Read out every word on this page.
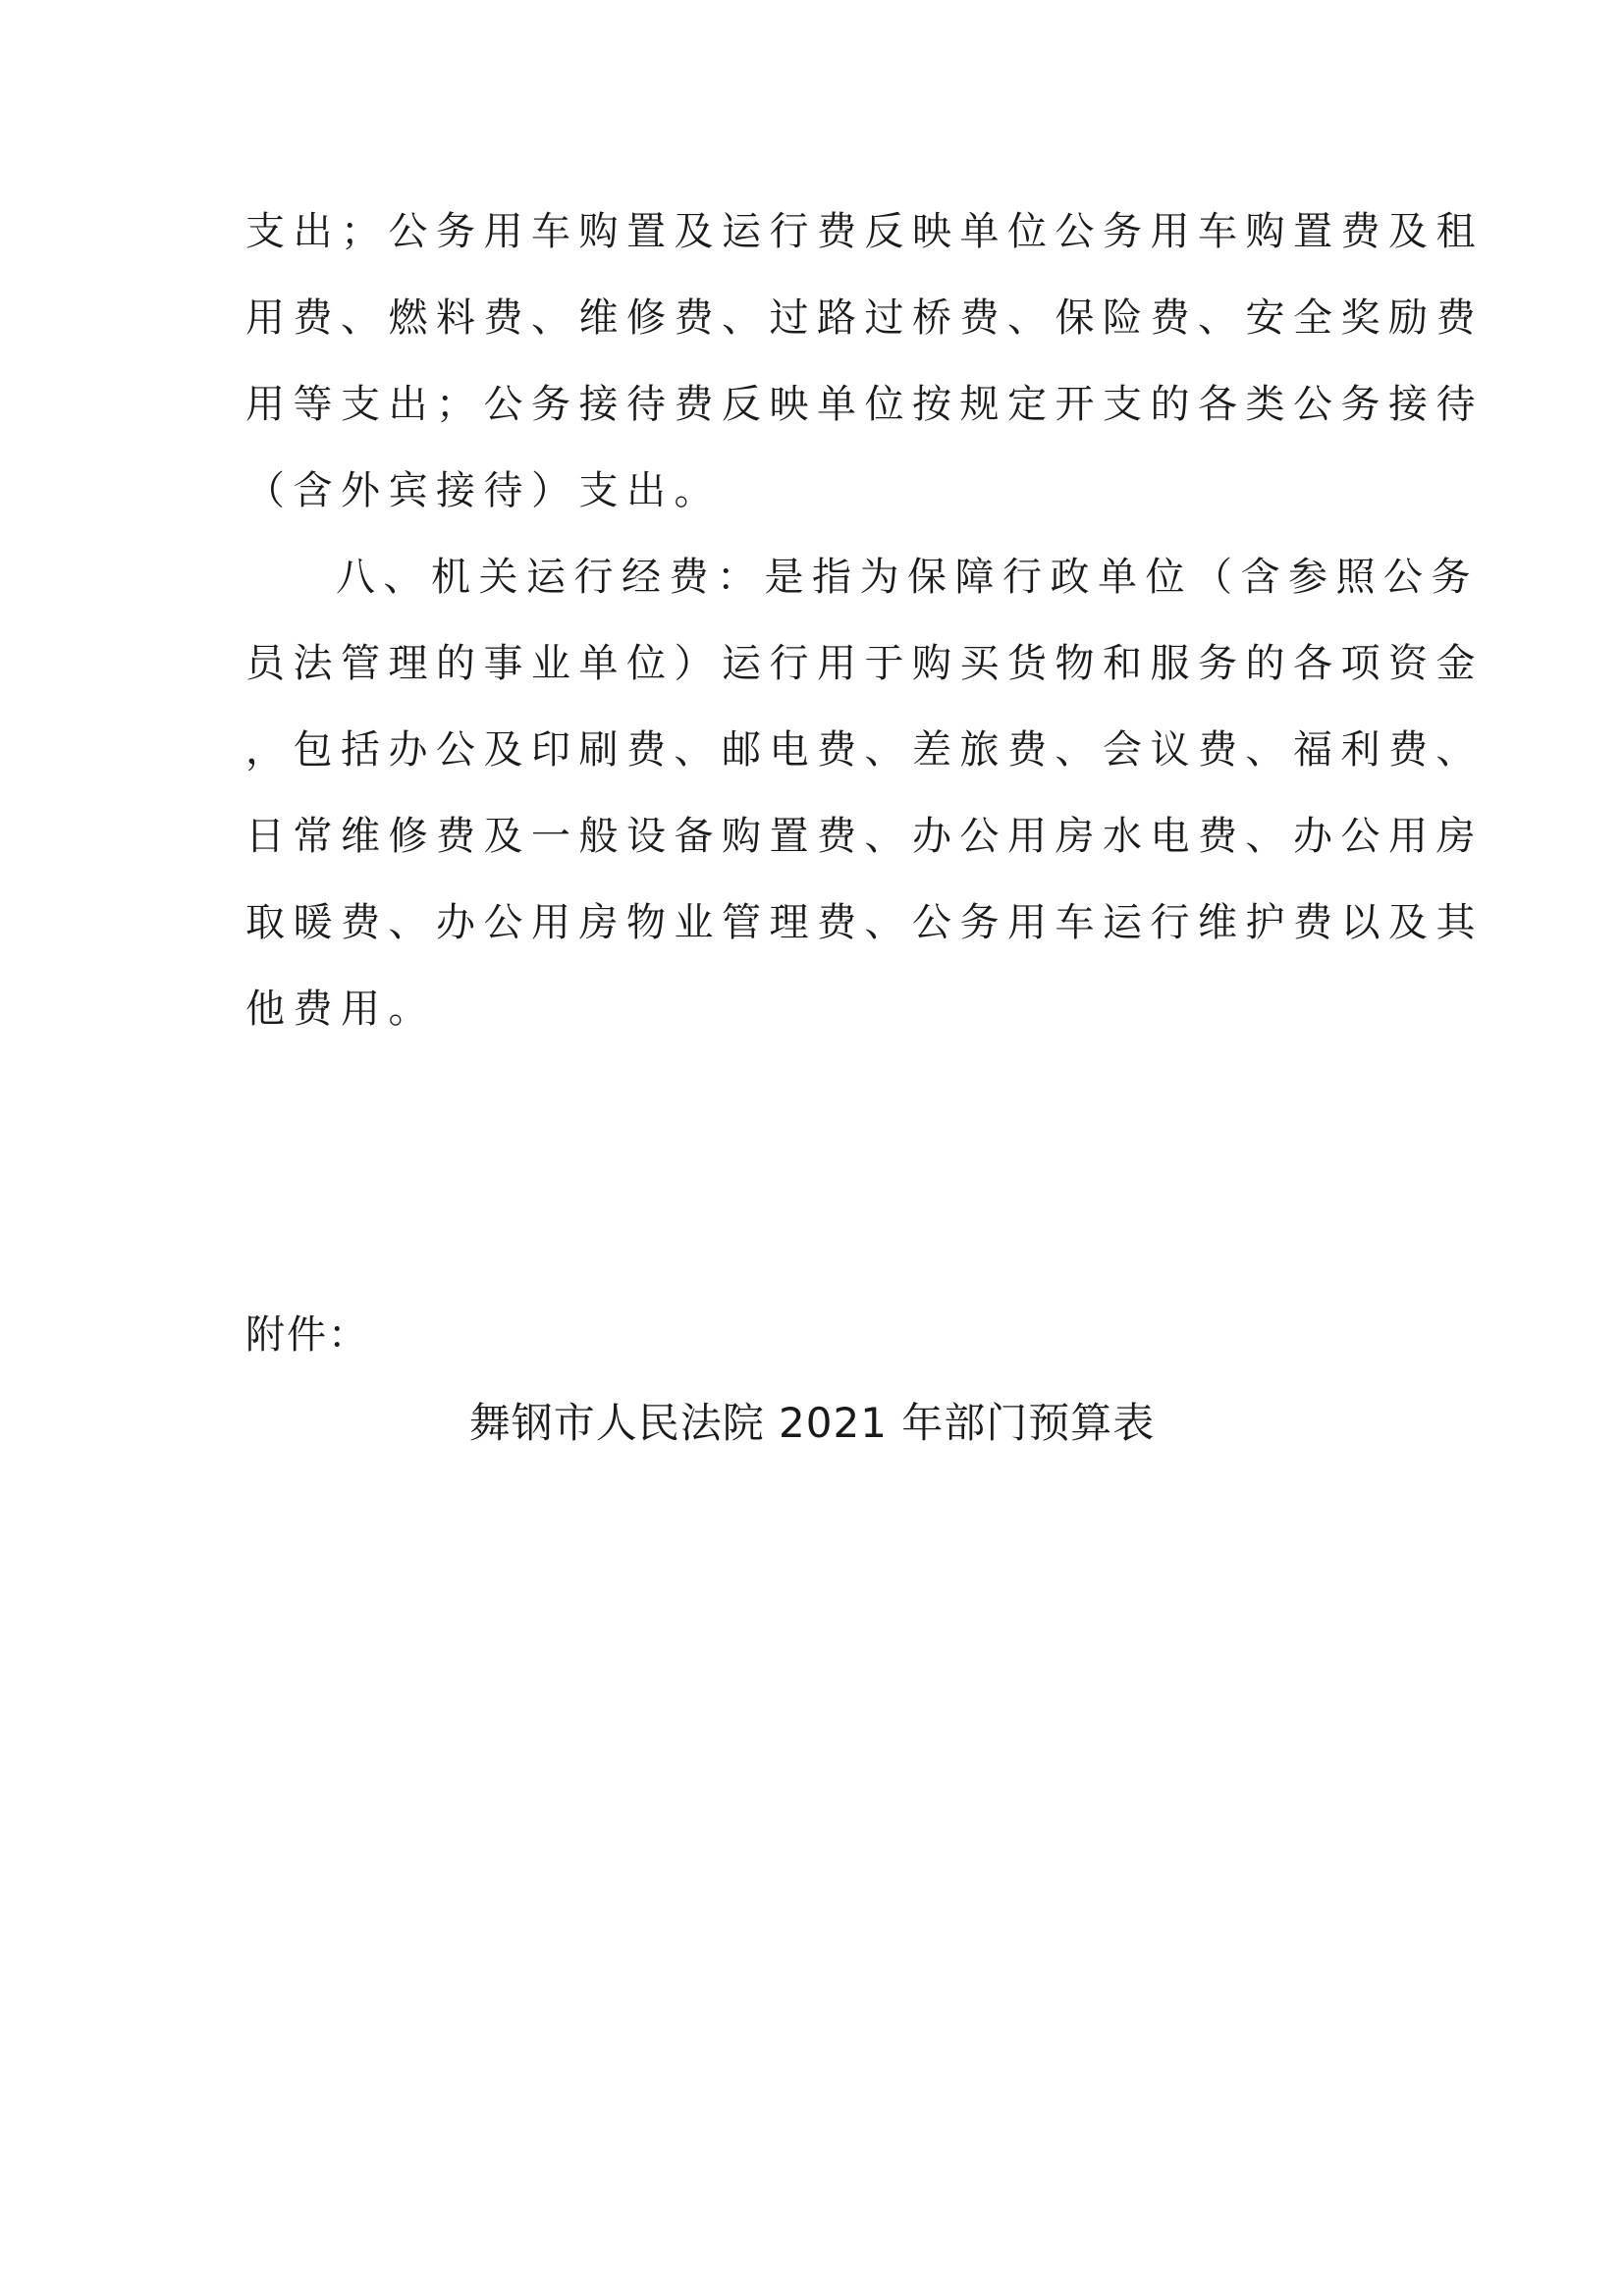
支出；公务用车购置及运行费反映单位公务用车购置费及租
用费、燃料费、维修费、过路过桥费、保险费、安全奖励费
用等支出；公务接待费反映单位按规定开支的各类公务接待
（含外宾接待）支出。
八、机关运行经费：是指为保障行政单位（含参照公务
员法管理的事业单位）运行用于购买货物和服务的各项资金
，包括办公及印刷费、邮电费、差旅费、会议费、福利费、
日常维修费及一般设备购置费、办公用房水电费、办公用房
取暖费、办公用房物业管理费、公务用车运行维护费以及其
他费用。
附件：
舞钢市人民法院 2021 年部门预算表
